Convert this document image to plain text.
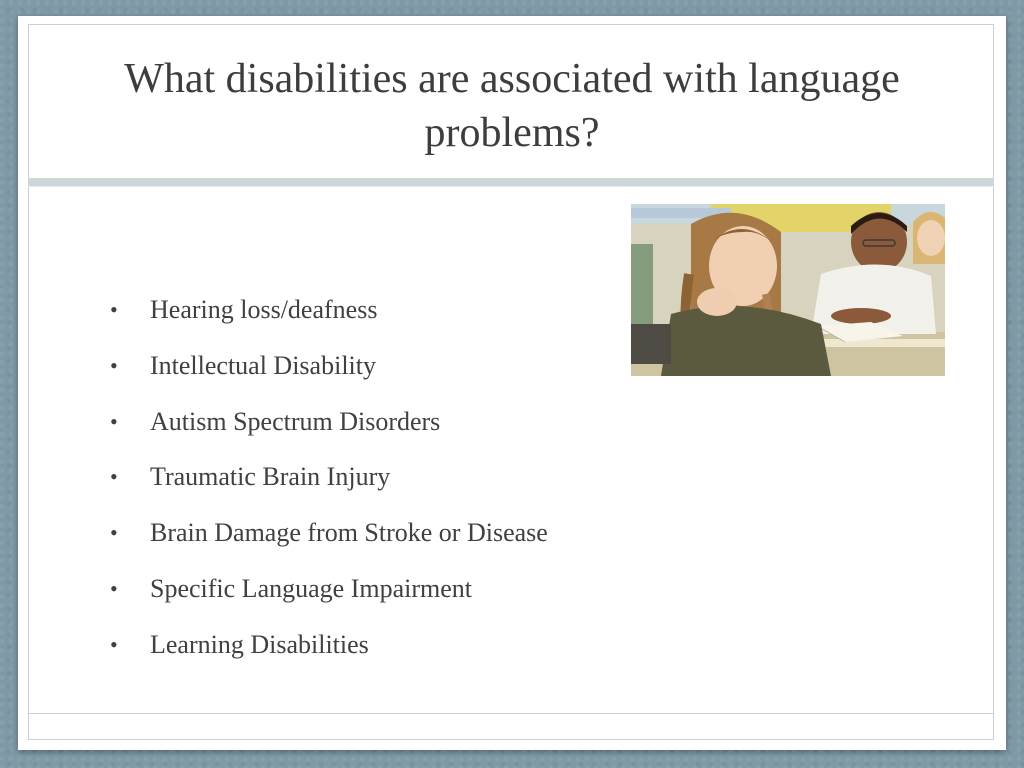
What disabilities are associated with language problems?
• Hearing loss/deafness
• Intellectual Disability
• Autism Spectrum Disorders
• Traumatic Brain Injury
• Brain Damage from Stroke or Disease
• Specific Language Impairment
• Learning Disabilities
